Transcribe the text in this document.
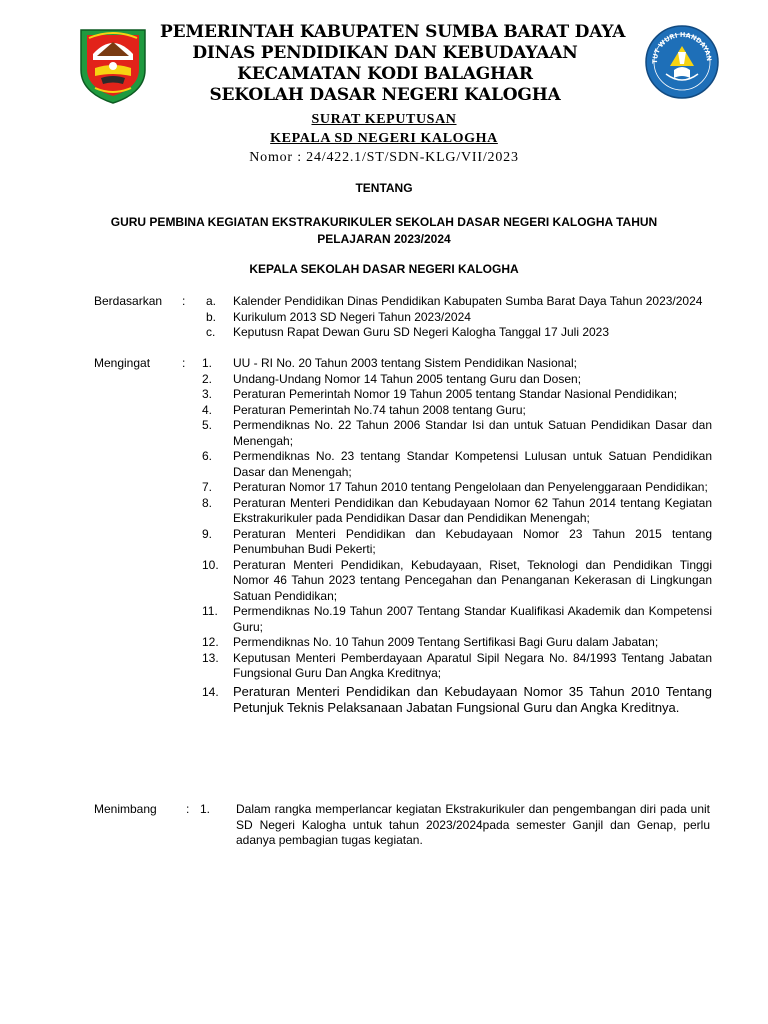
PEMERINTAH KABUPATEN SUMBA BARAT DAYA
DINAS PENDIDIKAN DAN KEBUDAYAAN
KECAMATAN KODI BALAGHAR
SEKOLAH DASAR NEGERI KALOGHA
TUT WURI HANDAYAN
SURAT KEPUTUSAN
KEPALA SD NEGERI KALOGHA
Nomor : 24/422.1/ST/SDN-KLG/VII/2023
TENTANG
GURU PEMBINA KEGIATAN EKSTRAKURIKULER SEKOLAH DASAR NEGERI KALOGHA TAHUN PELAJARAN 2023/2024
KEPALA SEKOLAH DASAR NEGERI KALOGHA
Berdasarkan :	a.	Kalender Pendidikan Dinas Pendidikan Kabupaten Sumba Barat Daya Tahun 2023/2024
b.	Kurikulum 2013 SD Negeri Tahun 2023/2024
c.	Keputusn Rapat Dewan Guru SD Negeri Kalogha Tanggal 17 Juli 2023
Mengingat	:	1.	UU - RI No. 20 Tahun 2003 tentang Sistem Pendidikan Nasional;
2.	Undang-Undang Nomor 14 Tahun 2005 tentang Guru dan Dosen;
3.	Peraturan Pemerintah Nomor 19 Tahun 2005 tentang Standar Nasional Pendidikan;
4.	Peraturan Pemerintah No.74 tahun 2008 tentang Guru;
5.	Permendiknas No. 22 Tahun 2006 Standar Isi dan untuk Satuan Pendidikan Dasar dan Menengah;
6.	Permendiknas No. 23 tentang Standar Kompetensi Lulusan untuk Satuan Pendidikan Dasar dan Menengah;
7.	Peraturan Nomor 17 Tahun 2010 tentang Pengelolaan dan Penyelenggaraan Pendidikan;
8.	Peraturan Menteri Pendidikan dan Kebudayaan Nomor 62 Tahun 2014 tentang Kegiatan Ekstrakurikuler pada Pendidikan Dasar dan Pendidikan Menengah;
9.	Peraturan Menteri Pendidikan dan Kebudayaan Nomor 23 Tahun 2015 tentang Penumbuhan Budi Pekerti;
10.	Peraturan Menteri Pendidikan, Kebudayaan, Riset, Teknologi dan Pendidikan Tinggi Nomor 46 Tahun 2023 tentang Pencegahan dan Penanganan Kekerasan di Lingkungan Satuan Pendidikan;
11.	Permendiknas No.19 Tahun 2007 Tentang Standar Kualifikasi Akademik dan Kompetensi Guru;
12.	Permendiknas No. 10 Tahun 2009 Tentang Sertifikasi Bagi Guru dalam Jabatan;
13.	Keputusan Menteri Pemberdayaan Aparatul Sipil Negara No. 84/1993 Tentang Jabatan Fungsional Guru Dan Angka Kreditnya;
14.	Peraturan Menteri Pendidikan dan Kebudayaan Nomor 35 Tahun 2010 Tentang Petunjuk Teknis Pelaksanaan Jabatan Fungsional Guru dan Angka Kreditnya.
Menimbang : 1. Dalam rangka memperlancar kegiatan Ekstrakurikuler dan pengembangan diri pada unit SD Negeri Kalogha untuk tahun 2023/2024pada semester Ganjil dan Genap, perlu adanya pembagian tugas kegiatan.
